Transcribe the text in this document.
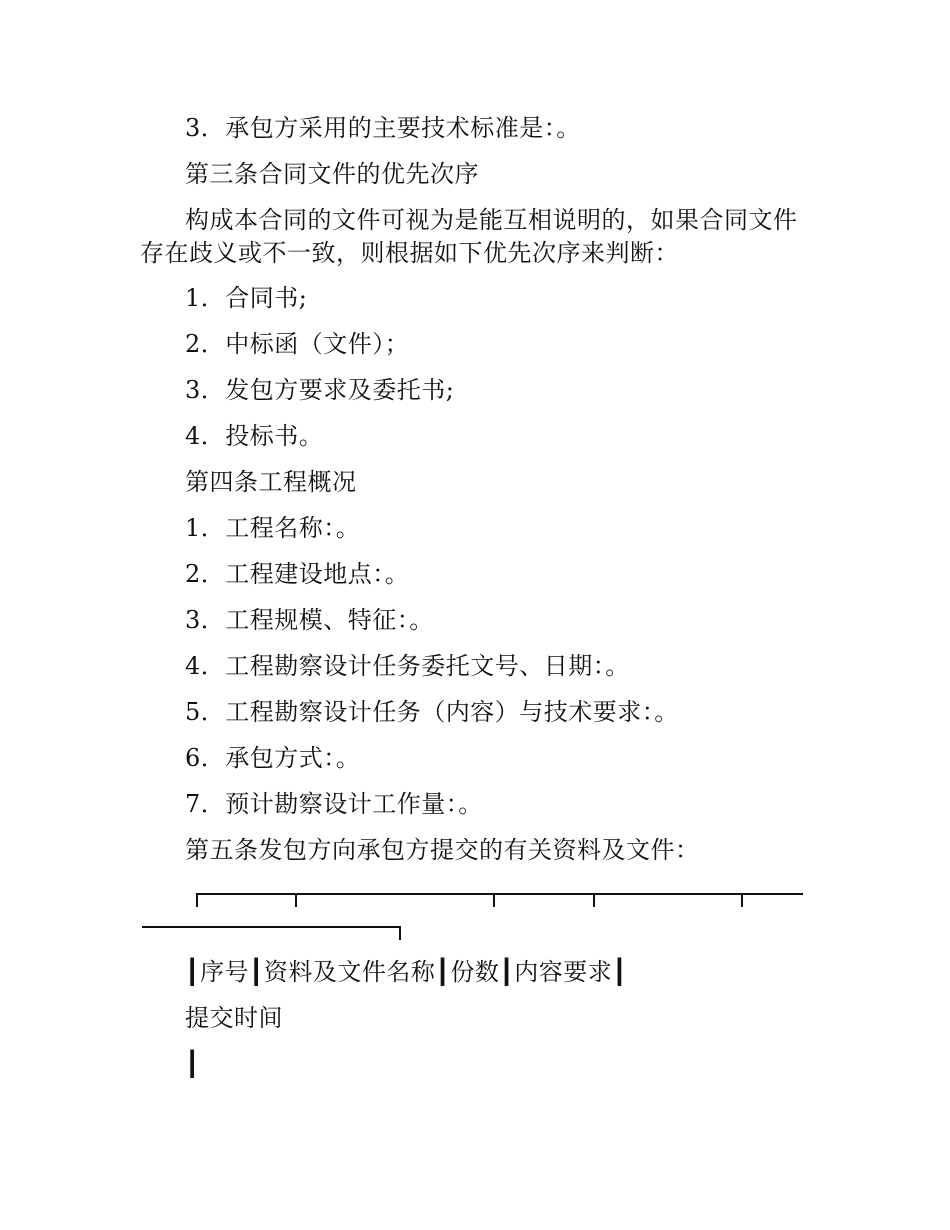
3．承包方采用的主要技术标准是：。
第三条合同文件的优先次序
构成本合同的文件可视为是能互相说明的，如果合同文件
存在歧义或不一致，则根据如下优先次序来判断：
1．合同书;
2．中标函（文件）；
3．发包方要求及委托书;
4．投标书。
第四条工程概况
1．工程名称：。
2．工程建设地点：。
3．工程规模、特征：。
4．工程勘察设计任务委托文号、日期：。
5．工程勘察设计任务（内容）与技术要求：。
6．承包方式：。
7．预计勘察设计工作量：。
第五条发包方向承包方提交的有关资料及文件：
┃序号┃资料及文件名称┃份数┃内容要求┃
提交时间
┃
